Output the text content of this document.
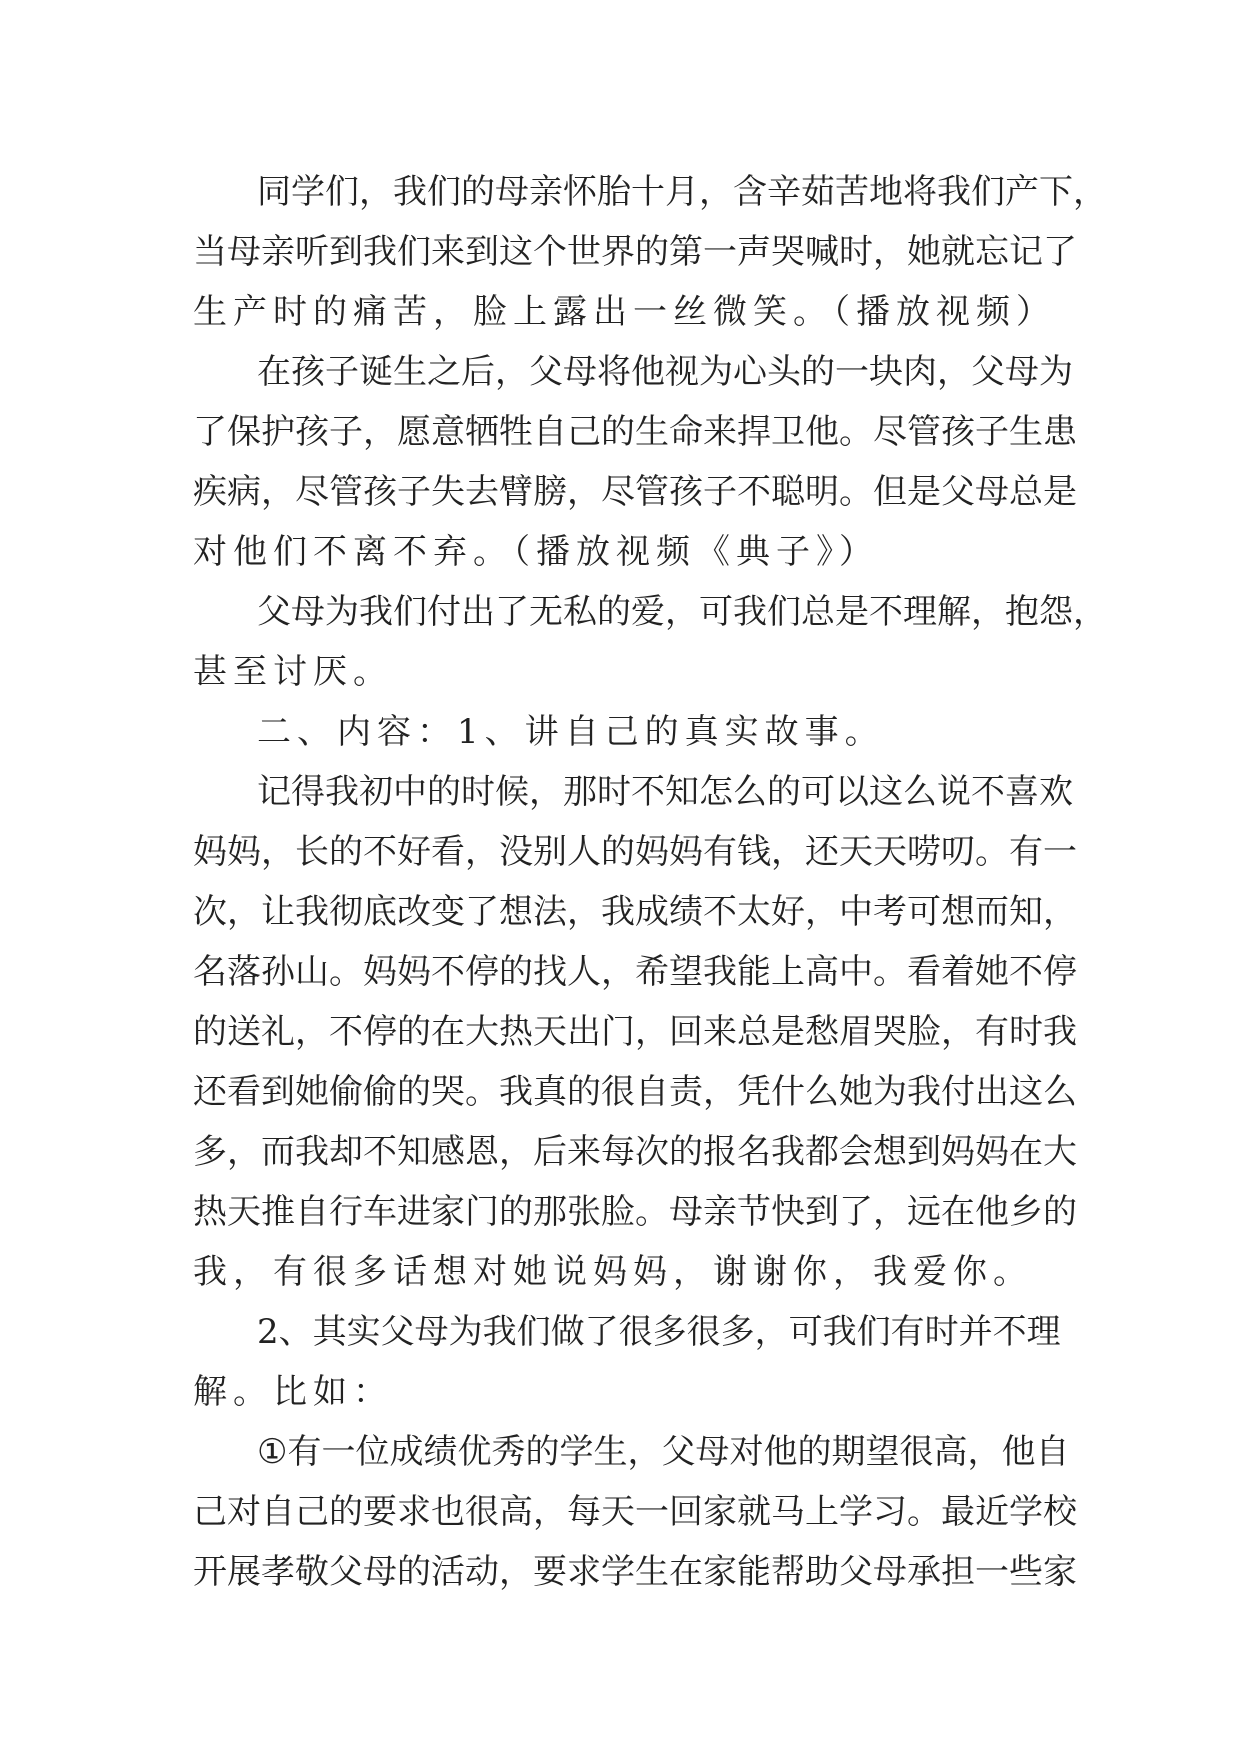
同 学 们 ， 我 们 的 母 亲 怀 胎 十 月 ， 含 辛 茹 苦 地 将 我 们 产 下 ，
当 母 亲 听 到 我 们 来 到 这 个 世 界 的 第 一 声 哭 喊 时 ， 她 就 忘 记 了
生产时的痛苦，脸上露出一丝微笑。（播放视频）
在 孩 子 诞 生 之 后 ， 父 母 将 他 视 为 心 头 的 一 块 肉 ， 父 母 为
了 保 护 孩 子 ， 愿 意 牺 牲 自 己 的 生 命 来 捍 卫 他 。 尽 管 孩 子 生 患
疾 病 ， 尽 管 孩 子 失 去 臂 膀 ， 尽 管 孩 子 不 聪 明 。 但 是 父 母 总 是
对他们不离不弃。（播放视频《典子》）
父 母 为 我 们 付 出 了 无 私 的 爱 ， 可 我 们 总 是 不 理 解 ， 抱 怨 ，
甚至讨厌。
二、内容：1、讲自己的真实故事。
记 得 我 初 中 的 时 候 ， 那 时 不 知 怎 么 的 可 以 这 么 说 不 喜 欢
妈 妈 ， 长 的 不 好 看 ， 没 别 人 的 妈 妈 有 钱 ， 还 天 天 唠 叨 。 有 一
次 ， 让 我 彻 底 改 变 了 想 法 ， 我 成 绩 不 太 好 ， 中 考 可 想 而 知 ，
名 落 孙 山 。 妈 妈 不 停 的 找 人 ， 希 望 我 能 上 高 中 。 看 着 她 不 停
的 送 礼 ， 不 停 的 在 大 热 天 出 门 ， 回 来 总 是 愁 眉 哭 脸 ， 有 时 我
还 看 到 她 偷 偷 的 哭 。 我 真 的 很 自 责 ， 凭 什 么 她 为 我 付 出 这 么
多 ， 而 我 却 不 知 感 恩 ， 后 来 每 次 的 报 名 我 都 会 想 到 妈 妈 在 大
热 天 推 自 行 车 进 家 门 的 那 张 脸 。 母 亲 节 快 到 了 ， 远 在 他 乡 的
我，有很多话想对她说妈妈，谢谢你，我爱你。
2 、 其 实 父 母 为 我 们 做 了 很 多 很 多 ， 可 我 们 有 时 并 不 理
解。比如：
① 有 一 位 成 绩 优 秀 的 学 生 ， 父 母 对 他 的 期 望 很 高 ， 他 自
己 对 自 己 的 要 求 也 很 高 ， 每 天 一 回 家 就 马 上 学 习 。 最 近 学 校
开 展 孝 敬 父 母 的 活 动 ， 要 求 学 生 在 家 能 帮 助 父 母 承 担 一 些 家
